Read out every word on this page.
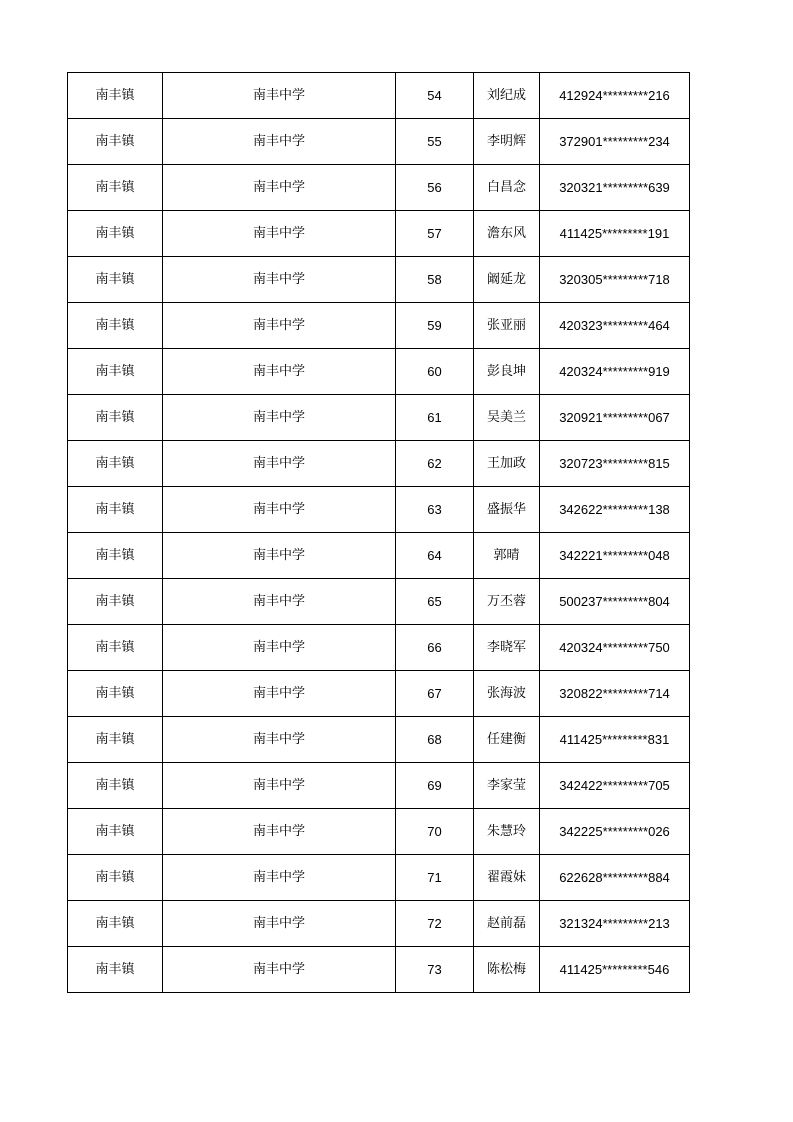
南丰镇	南丰中学	54	刘纪成	412924*********216
南丰镇	南丰中学	55	李明辉	372901*********234
南丰镇	南丰中学	56	白昌念	320321*********639
南丰镇	南丰中学	57	澹东风	411425*********191
南丰镇	南丰中学	58	阚延龙	320305*********718
南丰镇	南丰中学	59	张亚丽	420323*********464
南丰镇	南丰中学	60	彭良坤	420324*********919
南丰镇	南丰中学	61	吴美兰	320921*********067
南丰镇	南丰中学	62	王加政	320723*********815
南丰镇	南丰中学	63	盛振华	342622*********138
南丰镇	南丰中学	64	郭晴	342221*********048
南丰镇	南丰中学	65	万丕蓉	500237*********804
南丰镇	南丰中学	66	李晓军	420324*********750
南丰镇	南丰中学	67	张海波	320822*********714
南丰镇	南丰中学	68	任建衡	411425*********831
南丰镇	南丰中学	69	李家莹	342422*********705
南丰镇	南丰中学	70	朱慧玲	342225*********026
南丰镇	南丰中学	71	翟霞妹	622628*********884
南丰镇	南丰中学	72	赵前磊	321324*********213
南丰镇	南丰中学	73	陈松梅	411425*********546
